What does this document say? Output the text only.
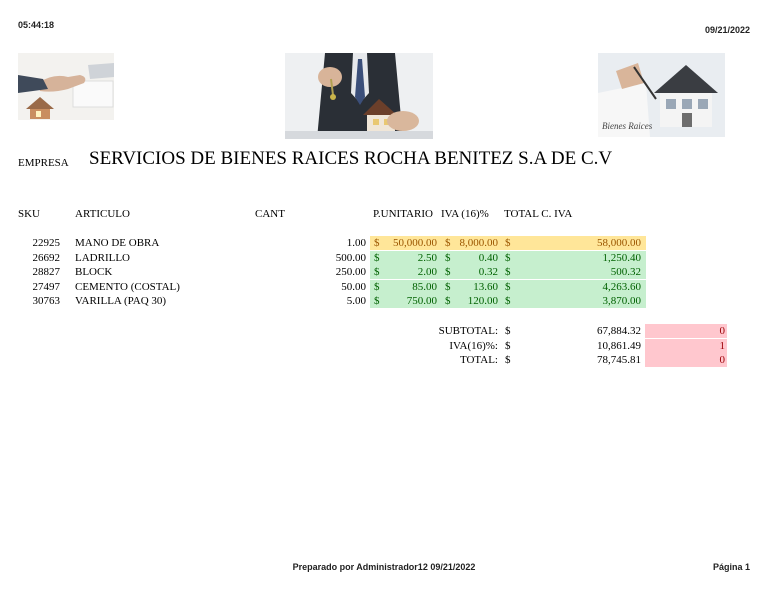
05:44:18	09/21/2022
Bienes Raices
EMPRESA SERVICIOS DE BIENES RAICES ROCHA BENITEZ S.A DE C.V
SKU	ARTICULO	CANT	P.UNITARIO IVA (16)% TOTAL C. IVA
22925 MANO DE OBRA	1.00 $	50,000.00 $ 8,000.00 $	58,000.00
26692 LADRILLO	500.00 $	2.50 $	0.40 $	1,250.40
28827 BLOCK	250.00 $	2.00 $	0.32 $	500.32
27497 CEMENTO (COSTAL)	50.00 $	85.00 $	13.60 $	4,263.60
30763 VARILLA (PAQ 30)	5.00 $	750.00 $	120.00 $	3,870.00
SUBTOTAL: $	67,884.32	0
IVA(16)%: $	10,861.49	1
TOTAL: $	78,745.81	0
Preparado por Administrador12 09/21/2022	Página 1
